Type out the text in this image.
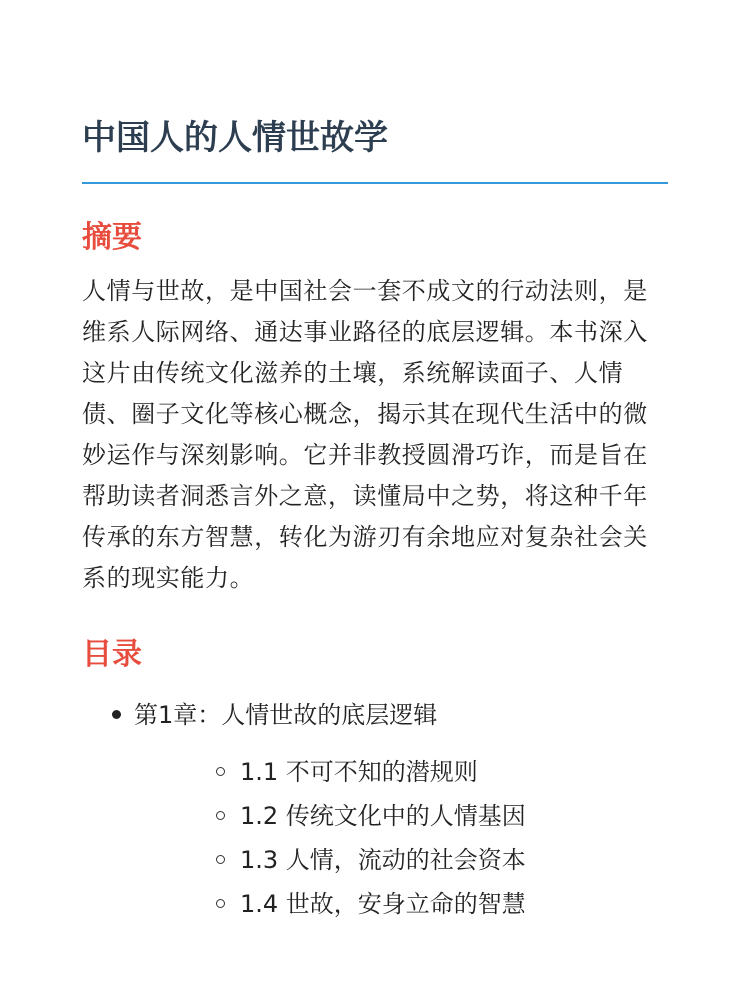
中国人的人情世故学
摘要

人情与世故，是中国社会一套不成文的行动法则，是维系人际网络、通达事业路径的底层逻辑。本书深入这片由传统文化滋养的土壤，系统解读面子、人情债、圈子文化等核心概念，揭示其在现代生活中的微妙运作与深刻影响。它并非教授圆滑巧诈，而是旨在帮助读者洞悉言外之意，读懂局中之势，将这种千年传承的东方智慧，转化为游刃有余地应对复杂社会关系的现实能力。

目录
第1章：人情世故的底层逻辑
1.1 不可不知的潜规则
1.2 传统文化中的人情基因
1.3 人情，流动的社会资本
1.4 世故，安身立命的智慧
